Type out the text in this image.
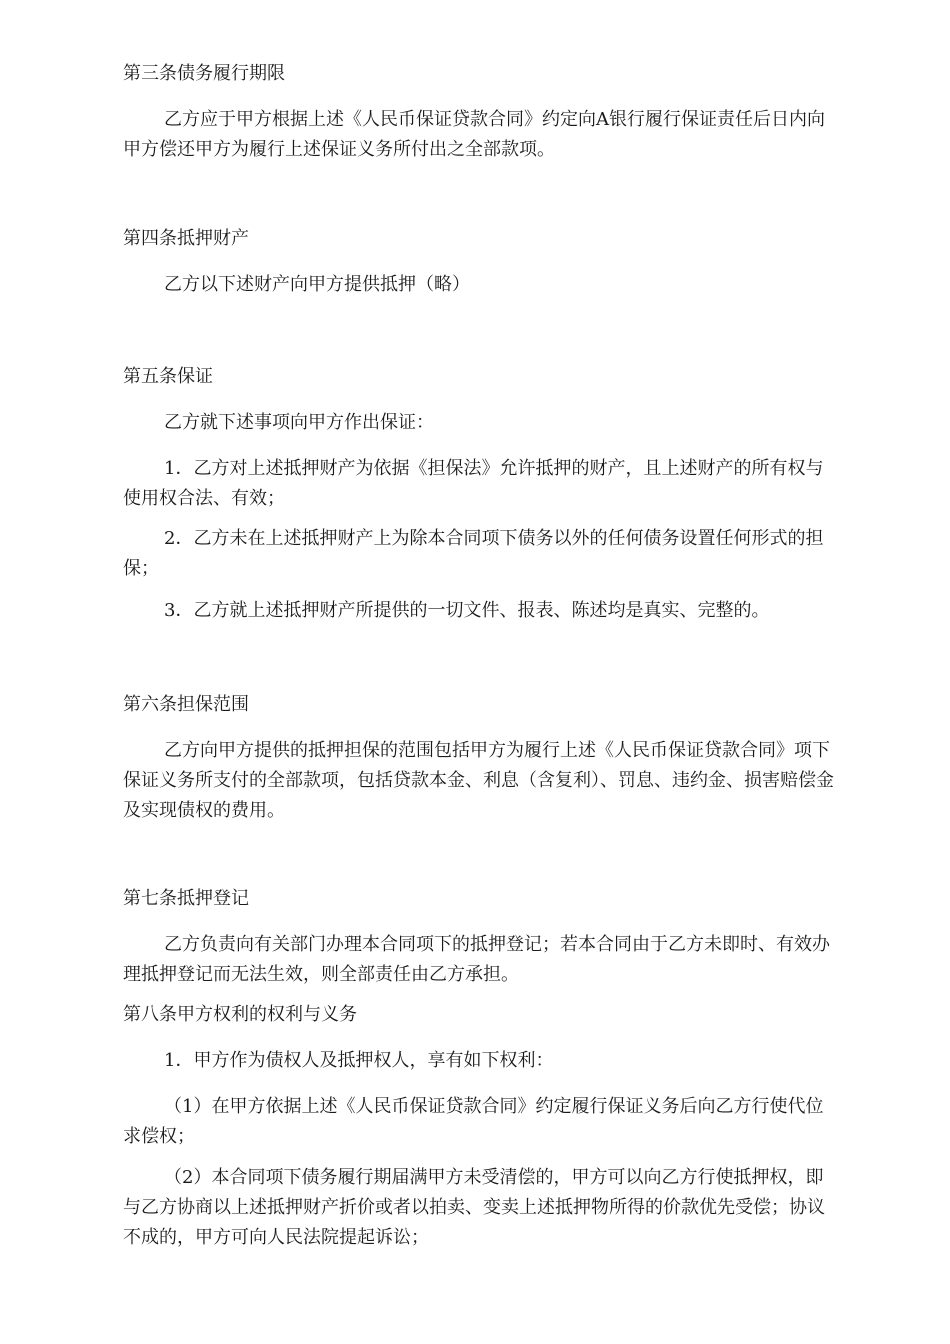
第三条债务履行期限

乙方应于甲方根据上述《人民币保证贷款合同》约定向A银行履行保证责任后日内向甲方偿还甲方为履行上述保证义务所付出之全部款项。

第四条抵押财产

乙方以下述财产向甲方提供抵押（略）

第五条保证

乙方就下述事项向甲方作出保证：

1．乙方对上述抵押财产为依据《担保法》允许抵押的财产，且上述财产的所有权与使用权合法、有效；

2．乙方未在上述抵押财产上为除本合同项下债务以外的任何债务设置任何形式的担保；

3．乙方就上述抵押财产所提供的一切文件、报表、陈述均是真实、完整的。

第六条担保范围

乙方向甲方提供的抵押担保的范围包括甲方为履行上述《人民币保证贷款合同》项下保证义务所支付的全部款项，包括贷款本金、利息（含复利）、罚息、违约金、损害赔偿金及实现债权的费用。

第七条抵押登记

乙方负责向有关部门办理本合同项下的抵押登记；若本合同由于乙方未即时、有效办理抵押登记而无法生效，则全部责任由乙方承担。

第八条甲方权利的权利与义务

1．甲方作为债权人及抵押权人，享有如下权利：

（1）在甲方依据上述《人民币保证贷款合同》约定履行保证义务后向乙方行使代位求偿权；

（2）本合同项下债务履行期届满甲方未受清偿的，甲方可以向乙方行使抵押权，即与乙方协商以上述抵押财产折价或者以拍卖、变卖上述抵押物所得的价款优先受偿；协议不成的，甲方可向人民法院提起诉讼；
